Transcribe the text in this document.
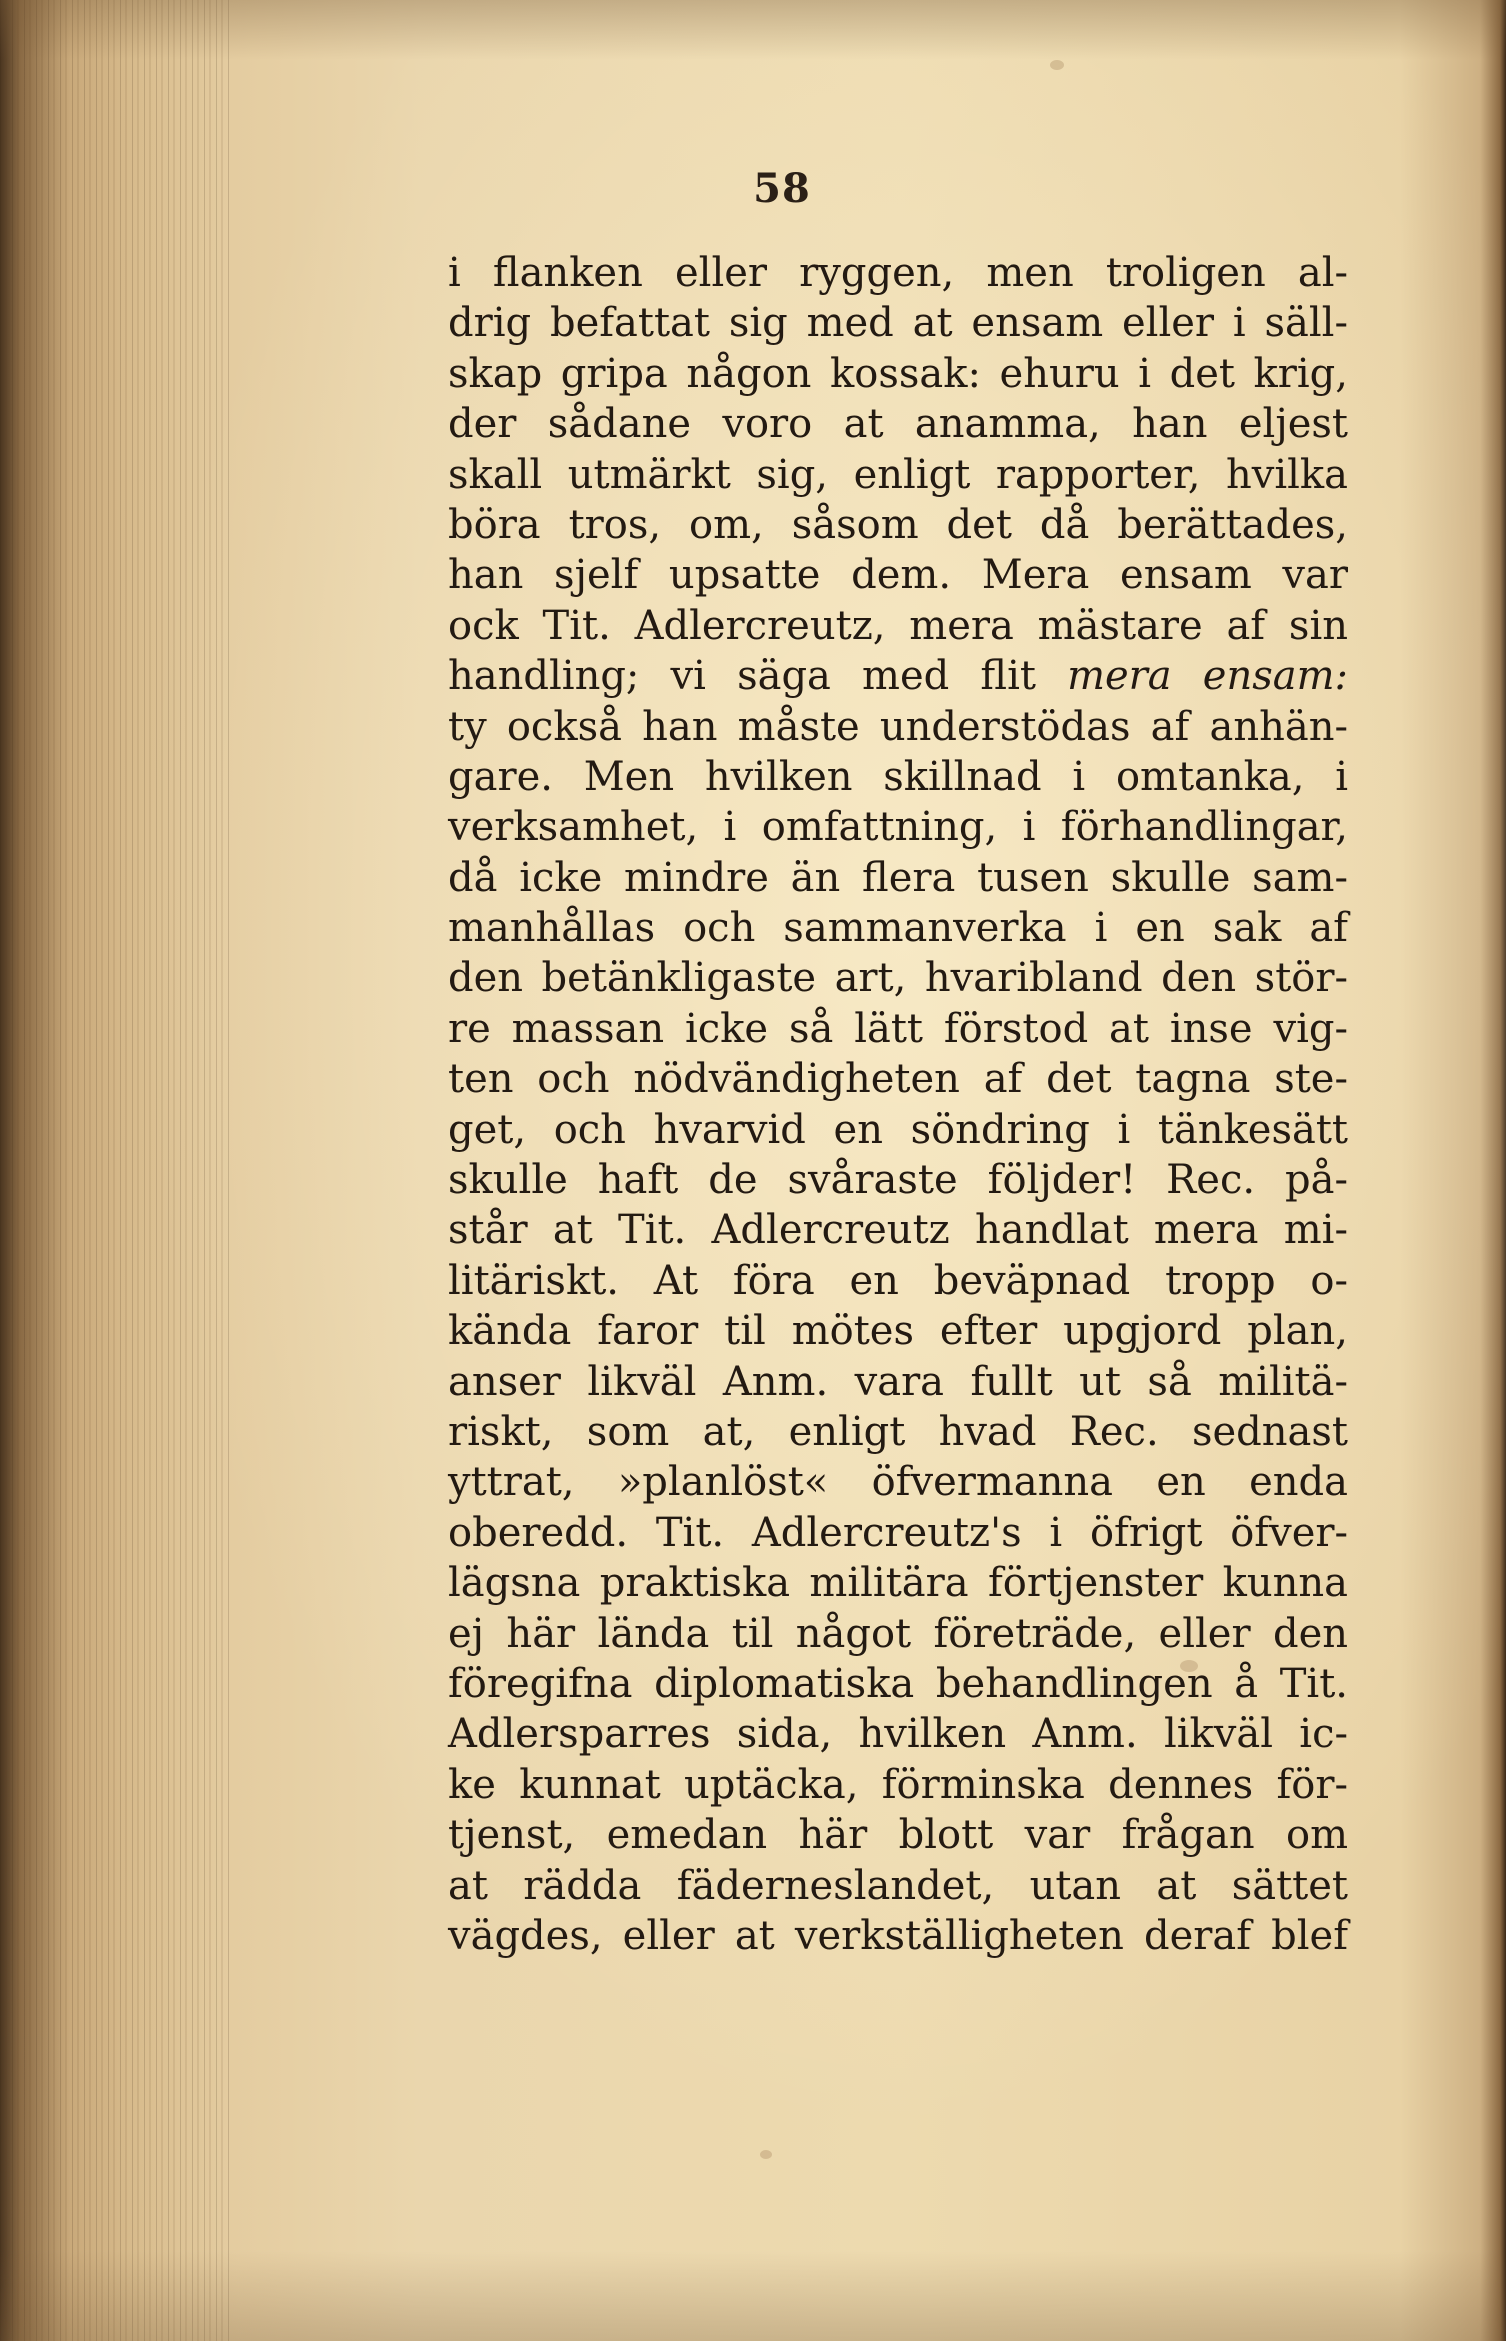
58
i flanken eller ryggen, men troligen al-
drig befattat sig med at ensam eller i säll-
skap gripa någon kossak: ehuru i det krig,
der sådane voro at anamma, han eljest
skall utmärkt sig, enligt rapporter, hvilka
böra tros, om, såsom det då berättades,
han sjelf upsatte dem. Mera ensam var
ock Tit. Adlercreutz, mera mästare af sin
handling; vi säga med flit mera ensam:
ty också han måste understödas af anhän-
gare. Men hvilken skillnad i omtanka, i
verksamhet, i omfattning, i förhandlingar,
då icke mindre än flera tusen skulle sam-
manhållas och sammanverka i en sak af
den betänkligaste art, hvaribland den stör-
re massan icke så lätt förstod at inse vig-
ten och nödvändigheten af det tagna ste-
get, och hvarvid en söndring i tänkesätt
skulle haft de svåraste följder! Rec. på-
står at Tit. Adlercreutz handlat mera mi-
litäriskt. At föra en beväpnad tropp o-
kända faror til mötes efter upgjord plan,
anser likväl Anm. vara fullt ut så militä-
riskt, som at, enligt hvad Rec. sednast
yttrat, »planlöst« öfvermanna en enda
oberedd. Tit. Adlercreutz's i öfrigt öfver-
lägsna praktiska militära förtjenster kunna
ej här lända til något företräde, eller den
föregifna diplomatiska behandlingen å Tit.
Adlersparres sida, hvilken Anm. likväl ic-
ke kunnat uptäcka, förminska dennes för-
tjenst, emedan här blott var frågan om
at rädda fäderneslandet, utan at sättet
vägdes, eller at verkställigheten deraf blef
